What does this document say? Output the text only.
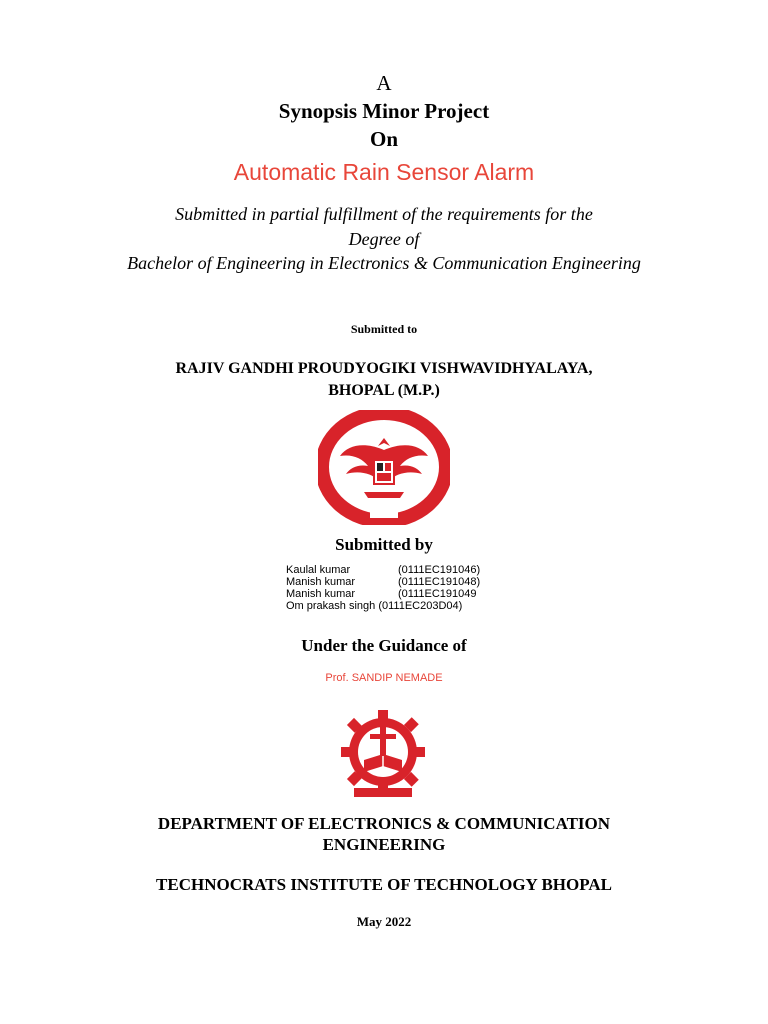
A

Synopsis Minor Project

On

Automatic Rain Sensor Alarm

Submitted in partial fulfillment of the requirements for the

Degree of

Bachelor of Engineering in Electronics & Communication Engineering

Submitted to

RAJIV GANDHI PROUDYOGIKI VISHWAVIDHYALAYA,

BHOPAL (M.P.)

Submitted by

Kaulal kumar	(0111EC191046)
Manish kumar	(0111EC191048)
Manish kumar	(0111EC191049
Om prakash singh (0111EC203D04)

Under the Guidance of

Prof. SANDIP NEMADE

DEPARTMENT OF ELECTRONICS & COMMUNICATION

ENGINEERING

TECHNOCRATS INSTITUTE OF TECHNOLOGY BHOPAL

May 2022
